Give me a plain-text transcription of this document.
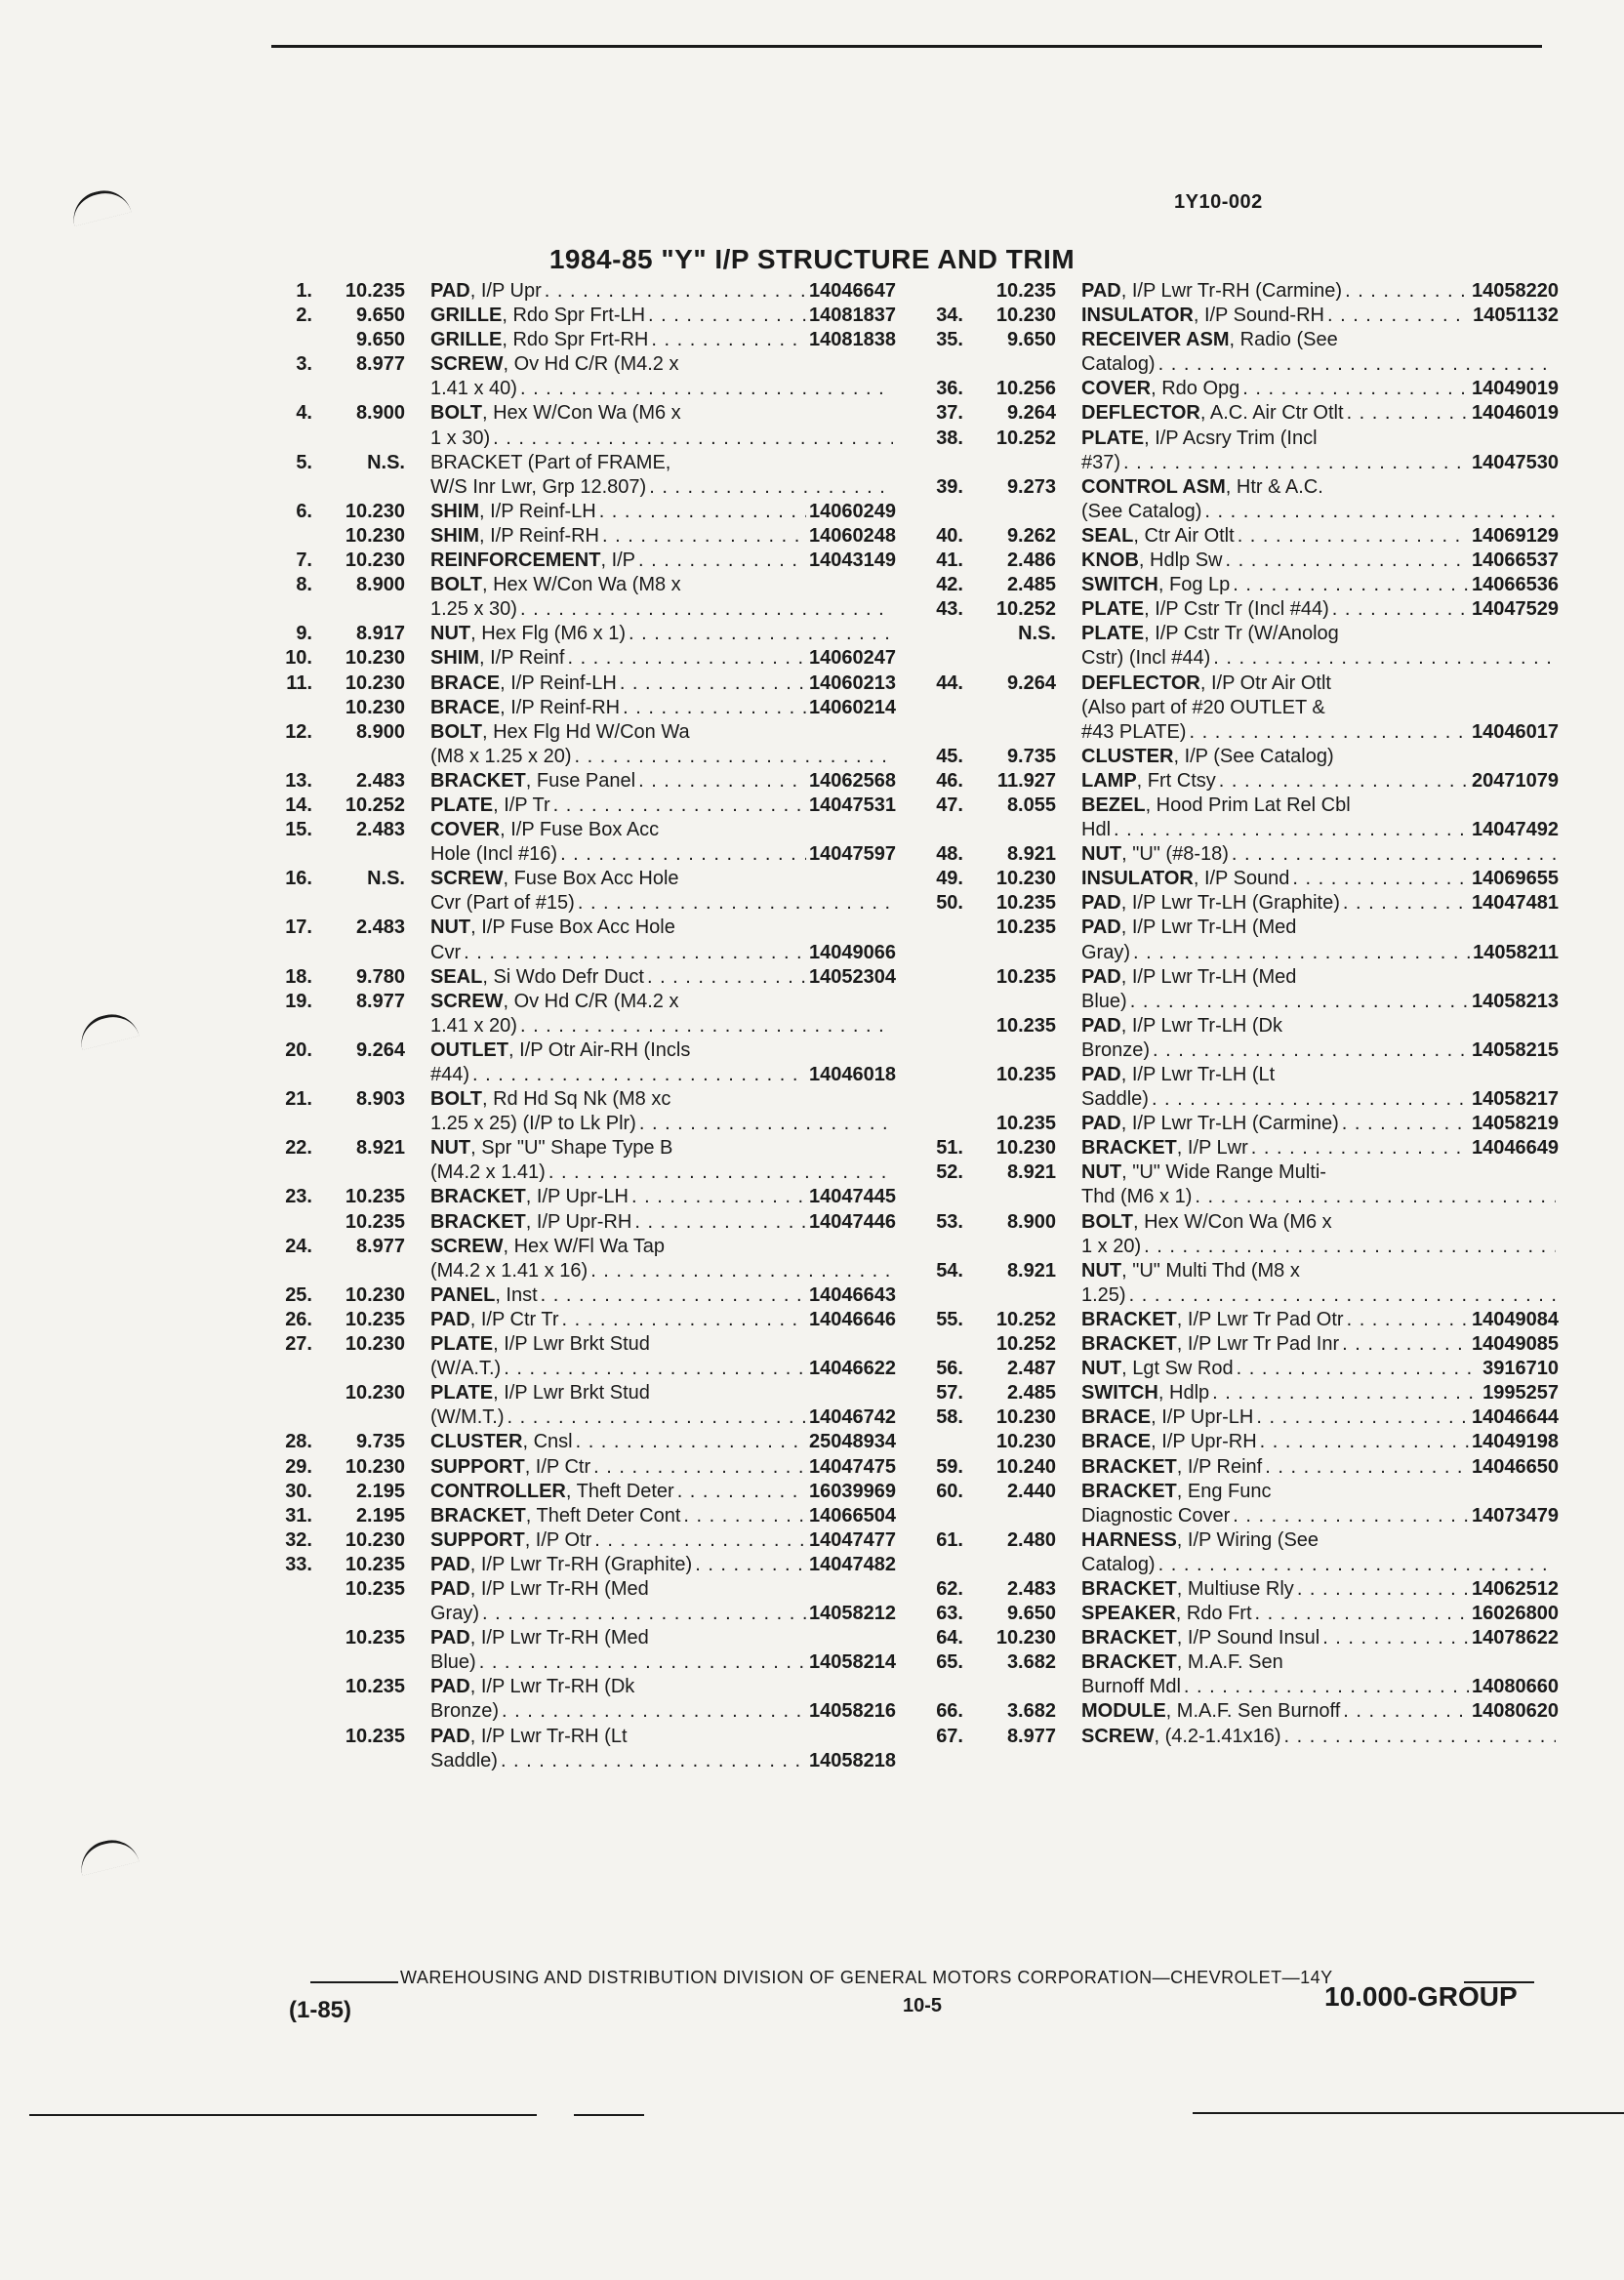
1Y10-002
1984-85 "Y" I/P STRUCTURE AND TRIM
1.	10.235	PAD, I/P Upr . . .	14046647
2.	9.650	GRILLE, Rdo Spr Frt-LH . . .	14081837
9.650	GRILLE, Rdo Spr Frt-RH . . .	14081838
3.	8.977	SCREW, Ov Hd C/R (M4.2 x
1.41 x 40)
. . .
4.	8.900	BOLT, Hex W/Con Wa (M6 x
1 x 30)
. . .
5.	N.S.	BRACKET (Part of FRAME,
W/S Inr Lwr, Grp 12.807)
. . .
6.	10.230	SHIM, I/P Reinf-LH . . .	14060249
10.230	SHIM, I/P Reinf-RH . . .	14060248
7.	10.230	REINFORCEMENT, I/P . . .	14043149
8.	8.900	BOLT, Hex W/Con Wa (M8 x
1.25 x 30)
. . .
9.	8.917	NUT, Hex Flg (M6 x 1)
. . .
10.	10.230	SHIM, I/P Reinf . . .	14060247
11.	10.230	BRACE, I/P Reinf-LH . . .	14060213
10.230	BRACE, I/P Reinf-RH . . .	14060214
12.	8.900	BOLT, Hex Flg Hd W/Con Wa
(M8 x 1.25 x 20)
. . .
13.	2.483	BRACKET, Fuse Panel . . .	14062568
14.	10.252	PLATE, I/P Tr . . .	14047531
15.	2.483	COVER, I/P Fuse Box Acc
Hole (Incl #16) . . .	14047597
16.	N.S.	SCREW, Fuse Box Acc Hole
Cvr (Part of #15)
. . .
17.	2.483	NUT, I/P Fuse Box Acc Hole
Cvr . . .	14049066
18.	9.780	SEAL, Si Wdo Defr Duct . . .	14052304
19.	8.977	SCREW, Ov Hd C/R (M4.2 x
1.41 x 20)
. . .
20.	9.264	OUTLET, I/P Otr Air-RH (Incls
#44) . . .	14046018
21.	8.903	BOLT, Rd Hd Sq Nk (M8 xc
1.25 x 25) (I/P to Lk Plr)
. . .
22.	8.921	NUT, Spr "U" Shape Type B
(M4.2 x 1.41)
. . .
23.	10.235	BRACKET, I/P Upr-LH . . .	14047445
10.235	BRACKET, I/P Upr-RH . . .	14047446
24.	8.977	SCREW, Hex W/Fl Wa Tap
(M4.2 x 1.41 x 16)
. . .
25.	10.230	PANEL, Inst . . .	14046643
26.	10.235	PAD, I/P Ctr Tr . . .	14046646
27.	10.230	PLATE, I/P Lwr Brkt Stud
(W/A.T.) . . .	14046622
10.230	PLATE, I/P Lwr Brkt Stud
(W/M.T.) . . .	14046742
28.	9.735	CLUSTER, Cnsl . . .	25048934
29.	10.230	SUPPORT, I/P Ctr . . .	14047475
30.	2.195	CONTROLLER, Theft Deter . . .	16039969
31.	2.195	BRACKET, Theft Deter Cont . . .	14066504
32.	10.230	SUPPORT, I/P Otr . . .	14047477
33.	10.235	PAD, I/P Lwr Tr-RH (Graphite) . . .	14047482
10.235	PAD, I/P Lwr Tr-RH (Med
Gray) . . .	14058212
10.235	PAD, I/P Lwr Tr-RH (Med
Blue) . . .	14058214
10.235	PAD, I/P Lwr Tr-RH (Dk
Bronze) . . .	14058216
10.235	PAD, I/P Lwr Tr-RH (Lt
Saddle) . . .	14058218
10.235	PAD, I/P Lwr Tr-RH (Carmine) . . .	14058220
34.	10.230	INSULATOR, I/P Sound-RH . . .	14051132
35.	9.650	RECEIVER ASM, Radio (See
Catalog)
. . .
36.	10.256	COVER, Rdo Opg . . .	14049019
37.	9.264	DEFLECTOR, A.C. Air Ctr Otlt . . .	14046019
38.	10.252	PLATE, I/P Acsry Trim (Incl
#37) . . .	14047530
39.	9.273	CONTROL ASM, Htr & A.C.
(See Catalog)
. . .
40.	9.262	SEAL, Ctr Air Otlt . . .	14069129
41.	2.486	KNOB, Hdlp Sw . . .	14066537
42.	2.485	SWITCH, Fog Lp . . .	14066536
43.	10.252	PLATE, I/P Cstr Tr (Incl #44) . . .	14047529
N.S.	PLATE, I/P Cstr Tr (W/Anolog
Cstr) (Incl #44)
. . .
44.	9.264	DEFLECTOR, I/P Otr Air Otlt
(Also part of #20 OUTLET &
#43 PLATE) . . .	14046017
45.	9.735	CLUSTER, I/P (See Catalog)
46.	11.927	LAMP, Frt Ctsy . . .	20471079
47.	8.055	BEZEL, Hood Prim Lat Rel Cbl
Hdl . . .	14047492
48.	8.921	NUT, "U" (#8-18)
. . .
49.	10.230	INSULATOR, I/P Sound . . .	14069655
50.	10.235	PAD, I/P Lwr Tr-LH (Graphite) . . .	14047481
10.235	PAD, I/P Lwr Tr-LH (Med
Gray) . . .	14058211
10.235	PAD, I/P Lwr Tr-LH (Med
Blue) . . .	14058213
10.235	PAD, I/P Lwr Tr-LH (Dk
Bronze) . . .	14058215
10.235	PAD, I/P Lwr Tr-LH (Lt
Saddle) . . .	14058217
10.235	PAD, I/P Lwr Tr-LH (Carmine) . . .	14058219
51.	10.230	BRACKET, I/P Lwr . . .	14046649
52.	8.921	NUT, "U" Wide Range Multi-
Thd (M6 x 1)
. . .
53.	8.900	BOLT, Hex W/Con Wa (M6 x
1 x 20)
. . .
54.	8.921	NUT, "U" Multi Thd (M8 x
1.25)
. . .
55.	10.252	BRACKET, I/P Lwr Tr Pad Otr . . .	14049084
10.252	BRACKET, I/P Lwr Tr Pad Inr . . .	14049085
56.	2.487	NUT, Lgt Sw Rod . . .	3916710
57.	2.485	SWITCH, Hdlp . . .	1995257
58.	10.230	BRACE, I/P Upr-LH . . .	14046644
10.230	BRACE, I/P Upr-RH . . .	14049198
59.	10.240	BRACKET, I/P Reinf . . .	14046650
60.	2.440	BRACKET, Eng Func
Diagnostic Cover . . .	14073479
61.	2.480	HARNESS, I/P Wiring (See
Catalog)
. . .
62.	2.483	BRACKET, Multiuse Rly . . .	14062512
63.	9.650	SPEAKER, Rdo Frt . . .	16026800
64.	10.230	BRACKET, I/P Sound Insul . . .	14078622
65.	3.682	BRACKET, M.A.F. Sen
Burnoff Mdl . . .	14080660
66.	3.682	MODULE, M.A.F. Sen Burnoff . . .	14080620
67.	8.977	SCREW, (4.2-1.41x16)
. . .
WAREHOUSING AND DISTRIBUTION DIVISION OF GENERAL MOTORS CORPORATION—CHEVROLET—14Y
(1-85)	10-5	10.000-GROUP
